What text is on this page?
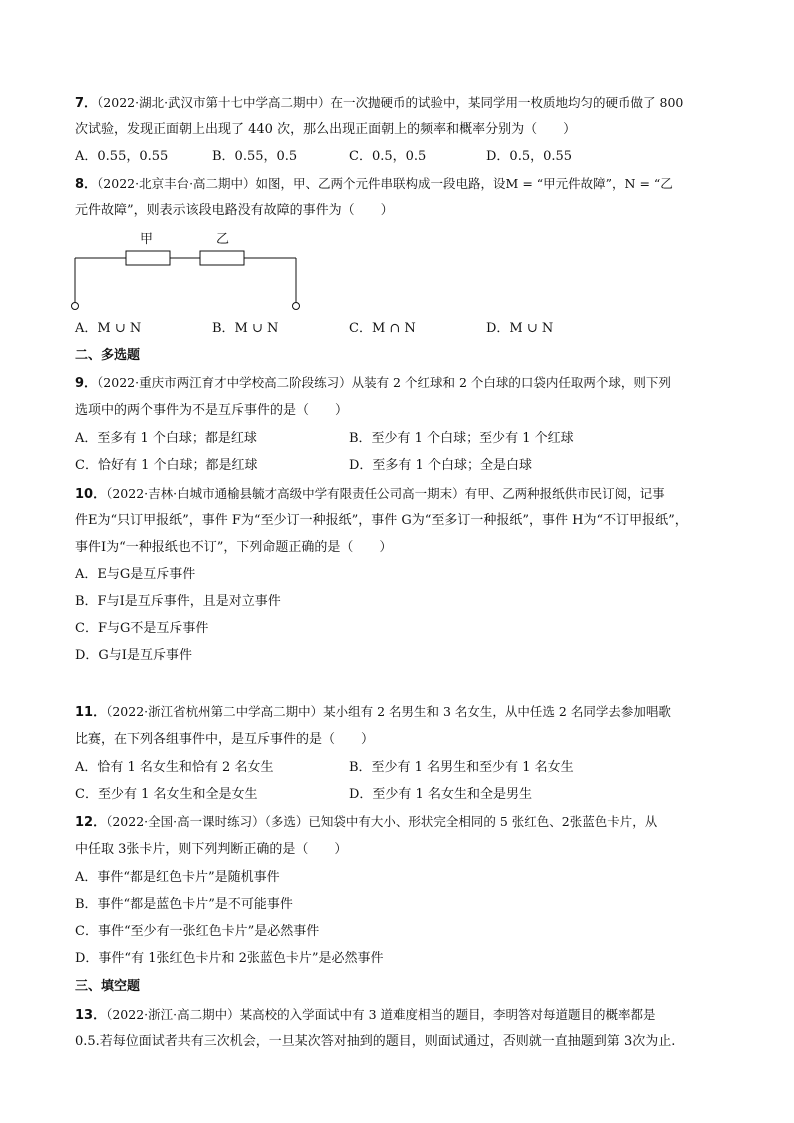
7．（2022·湖北·武汉市第十七中学高二期中）在一次抛硬币的试验中，某同学用一枚质地均匀的硬币做了 800
次试验，发现正面朝上出现了 440 次，那么出现正面朝上的频率和概率分别为（　　）
A．0.55，0.55	B．0.55，0.5	C．0.5，0.5	D．0.5，0.55
8．（2022·北京丰台·高二期中）如图，甲、乙两个元件串联构成一段电路，设M = “甲元件故障”，N = “乙
元件故障”，则表示该段电路没有故障的事件为（　　）
甲	乙
A．M ∪ N	B．M ∪ N	C．M ∩ N	D．M ∪ N
二、多选题
9．（2022·重庆市两江育才中学校高二阶段练习）从装有 2 个红球和 2 个白球的口袋内任取两个球，则下列
选项中的两个事件为不是互斥事件的是（　　）
A．至多有 1 个白球；都是红球	B．至少有 1 个白球；至少有 1 个红球
C．恰好有 1 个白球；都是红球	D．至多有 1 个白球；全是白球
10．（2022·吉林·白城市通榆县毓才高级中学有限责任公司高一期末）有甲、乙两种报纸供市民订阅，记事
件E为“只订甲报纸”，事件 F为“至少订一种报纸”，事件 G为“至多订一种报纸”，事件 H为“不订甲报纸”，
事件I为“一种报纸也不订”，下列命题正确的是（　　）
A．E与G是互斥事件
B．F与I是互斥事件，且是对立事件
C．F与G不是互斥事件
D．G与I是互斥事件
11．（2022·浙江省杭州第二中学高二期中）某小组有 2 名男生和 3 名女生，从中任选 2 名同学去参加唱歌
比赛，在下列各组事件中，是互斥事件的是（　　）
A．恰有 1 名女生和恰有 2 名女生	B．至少有 1 名男生和至少有 1 名女生
C．至少有 1 名女生和全是女生	D．至少有 1 名女生和全是男生
12．（2022·全国·高一课时练习）（多选）已知袋中有大小、形状完全相同的 5 张红色、2张蓝色卡片，从
中任取 3张卡片，则下列判断正确的是（　　）
A．事件“都是红色卡片”是随机事件
B．事件“都是蓝色卡片”是不可能事件
C．事件“至少有一张红色卡片”是必然事件
D．事件“有 1张红色卡片和 2张蓝色卡片”是必然事件
三、填空题
13．（2022·浙江·高二期中）某高校的入学面试中有 3 道难度相当的题目，李明答对每道题目的概率都是
0.5.若每位面试者共有三次机会，一旦某次答对抽到的题目，则面试通过，否则就一直抽题到第 3次为止.
